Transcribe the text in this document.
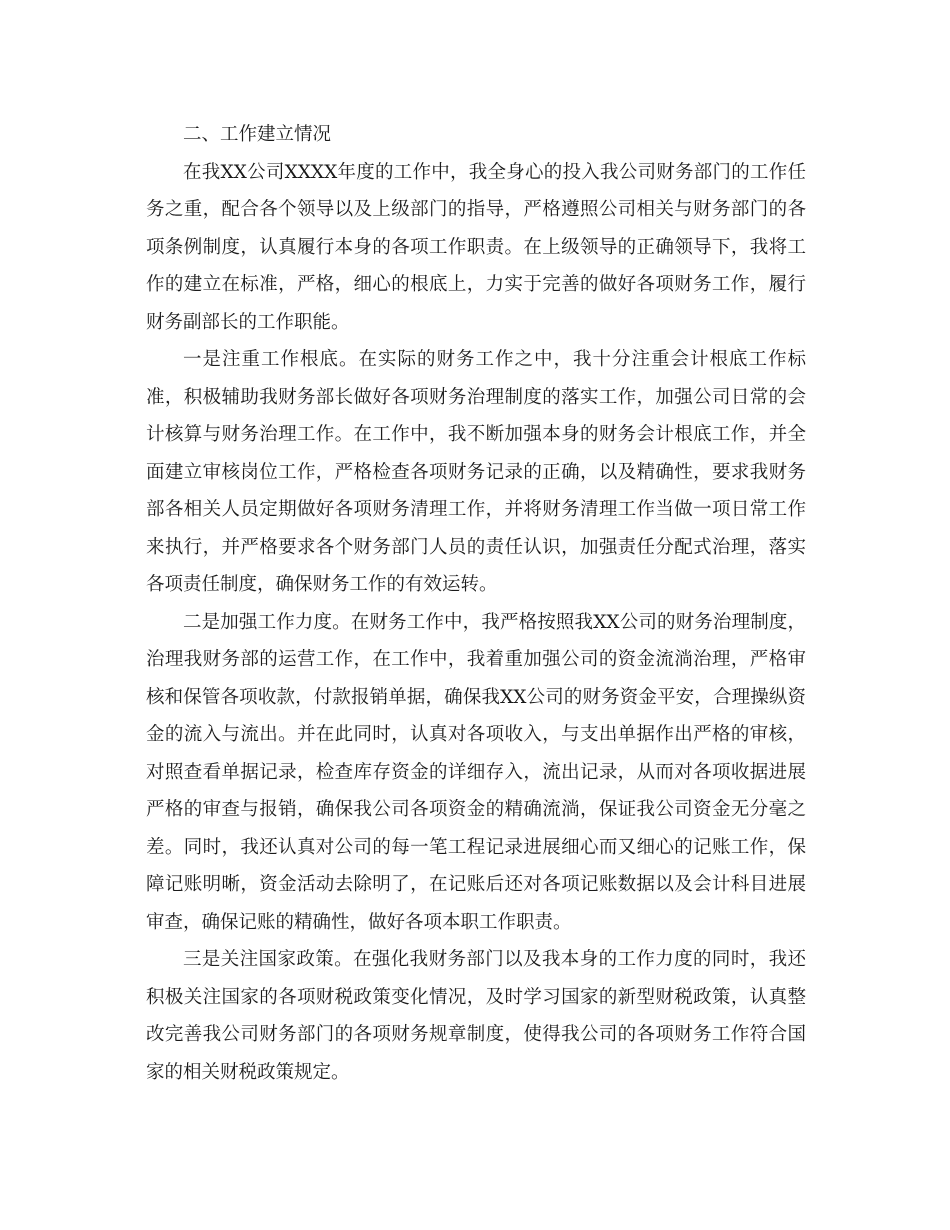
二、工作建立情况

在我XX公司XXXX年度的工作中，我全身心的投入我公司财务部门的工作任务之重，配合各个领导以及上级部门的指导，严格遵照公司相关与财务部门的各项条例制度，认真履行本身的各项工作职责。在上级领导的正确领导下，我将工作的建立在标准，严格，细心的根底上，力实于完善的做好各项财务工作，履行财务副部长的工作职能。

一是注重工作根底。在实际的财务工作之中，我十分注重会计根底工作标准，积极辅助我财务部长做好各项财务治理制度的落实工作，加强公司日常的会计核算与财务治理工作。在工作中，我不断加强本身的财务会计根底工作，并全面建立审核岗位工作，严格检查各项财务记录的正确，以及精确性，要求我财务部各相关人员定期做好各项财务清理工作，并将财务清理工作当做一项日常工作来执行，并严格要求各个财务部门人员的责任认识，加强责任分配式治理，落实各项责任制度，确保财务工作的有效运转。

二是加强工作力度。在财务工作中，我严格按照我XX公司的财务治理制度，治理我财务部的运营工作，在工作中，我着重加强公司的资金流淌治理，严格审核和保管各项收款，付款报销单据，确保我XX公司的财务资金平安，合理操纵资金的流入与流出。并在此同时，认真对各项收入，与支出单据作出严格的审核，对照查看单据记录，检查库存资金的详细存入，流出记录，从而对各项收据进展严格的审查与报销，确保我公司各项资金的精确流淌，保证我公司资金无分毫之差。同时，我还认真对公司的每一笔工程记录进展细心而又细心的记账工作，保障记账明晰，资金活动去除明了，在记账后还对各项记账数据以及会计科目进展审查，确保记账的精确性，做好各项本职工作职责。

三是关注国家政策。在强化我财务部门以及我本身的工作力度的同时，我还积极关注国家的各项财税政策变化情况，及时学习国家的新型财税政策，认真整改完善我公司财务部门的各项财务规章制度，使得我公司的各项财务工作符合国家的相关财税政策规定。
